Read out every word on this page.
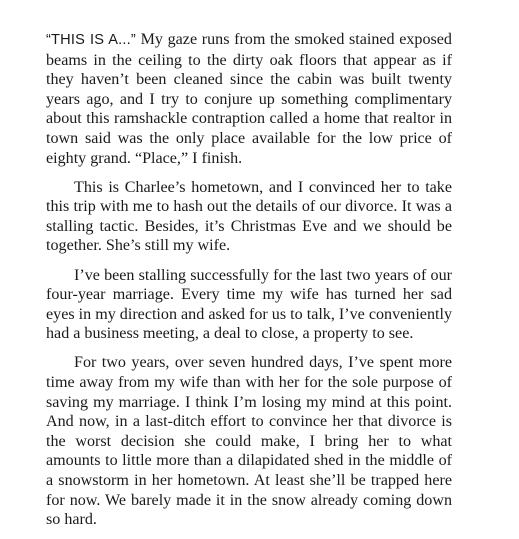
“THIS IS A...” My gaze runs from the smoked stained exposed beams in the ceiling to the dirty oak floors that appear as if they haven’t been cleaned since the cabin was built twenty years ago, and I try to conjure up something complimentary about this ramshackle contraption called a home that realtor in town said was the only place available for the low price of eighty grand. “Place,” I finish.

This is Charlee’s hometown, and I convinced her to take this trip with me to hash out the details of our divorce. It was a stalling tactic. Besides, it’s Christmas Eve and we should be together. She’s still my wife.

I’ve been stalling successfully for the last two years of our four-year marriage. Every time my wife has turned her sad eyes in my direction and asked for us to talk, I’ve conveniently had a business meeting, a deal to close, a property to see.

For two years, over seven hundred days, I’ve spent more time away from my wife than with her for the sole purpose of saving my marriage. I think I’m losing my mind at this point. And now, in a last-ditch effort to convince her that divorce is the worst decision she could make, I bring her to what amounts to little more than a dilapidated shed in the middle of a snowstorm in her hometown. At least she’ll be trapped here for now. We barely made it in the snow already coming down so hard.
